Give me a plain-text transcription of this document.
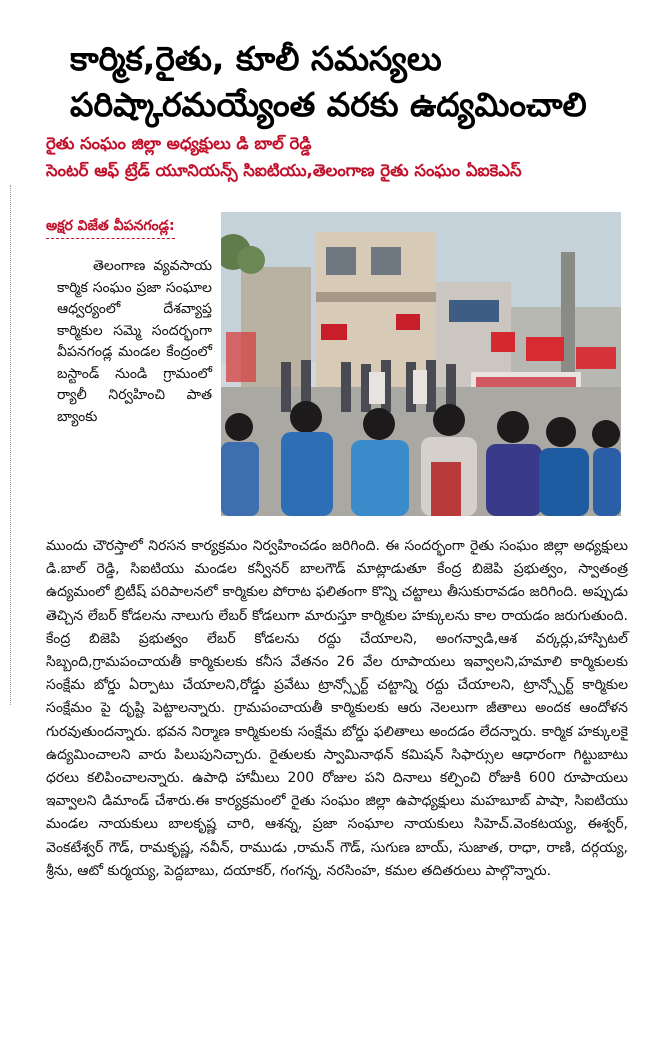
కార్మిక,రైతు, కూలీ సమస్యలు
పరిష్కారమయ్యేంత వరకు ఉద్యమించాలి
రైతు సంఘం జిల్లా అధ్యక్షులు డి బాల్ రెడ్డి
సెంటర్ ఆఫ్ ట్రేడ్ యూనియన్స్ సిఐటియు,తెలంగాణ రైతు సంఘం ఏఐకెఎస్
అక్షర విజేత వీపనగండ్ల:

తెలంగాణ వ్యవసాయ కార్మిక సంఘం ప్రజా సంఘాల ఆధ్వర్యంలో దేశవ్యాప్త కార్మికుల సమ్మె సందర్భంగా వీపనగండ్ల మండల కేంద్రంలో బస్టాండ్ నుండి గ్రామంలో ర్యాలీ నిర్వహించి పాత బ్యాంకు

ముందు చౌరస్తాలో నిరసన కార్యక్రమం నిర్వహించడం జరిగింది. ఈ సందర్భంగా రైతు సంఘం జిల్లా అధ్యక్షులు డి.బాల్ రెడ్డి, సిఐటియు మండల కన్వీనర్ బాలగౌడ్ మాట్లాడుతూ కేంద్ర బిజెపి ప్రభుత్వం, స్వాతంత్ర ఉద్యమంలో బ్రిటీష్ పరిపాలనలో కార్మికుల పోరాట ఫలితంగా కొన్ని చట్టాలు తీసుకురావడం జరిగింది. అప్పుడు తెచ్చిన లేబర్ కోడలను నాలుగు లేబర్ కోడలుగా మారుస్తూ కార్మికుల హక్కులను కాల రాయడం జరుగుతుంది. కేంద్ర బిజెపి ప్రభుత్వం లేబర్ కోడలను రద్దు చేయాలని, అంగన్వాడి,ఆశ వర్కర్లు,హాస్పిటల్ సిబ్బంది,గ్రామపంచాయతీ కార్మికులకు కనీస వేతనం 26 వేల రూపాయలు ఇవ్వాలని,హమాలి కార్మికులకు సంక్షేమ బోర్డు ఏర్పాటు చేయాలని,రోడ్డు ప్రవేటు ట్రాన్స్పోర్ట్ చట్టాన్ని రద్దు చేయాలని, ట్రాన్స్పోర్ట్ కార్మికుల సంక్షేమం పై దృష్టి పెట్టాలన్నారు. గ్రామపంచాయతీ కార్మికులకు ఆరు నెలలుగా జీతాలు అందక ఆందోళన గురవుతుందన్నారు. భవన నిర్మాణ కార్మికులకు సంక్షేమ బోర్డు ఫలితాలు అందడం లేదన్నారు. కార్మిక హక్కులకై ఉద్యమించాలని వారు పిలుపునిచ్చారు. రైతులకు స్వామినాథన్ కమిషన్ సిఫార్సుల ఆధారంగా గిట్టుబాటు ధరలు కలిపించాలన్నారు. ఉపాధి హామీలు 200 రోజుల పని దినాలు కల్పించి రోజుకి 600 రూపాయలు ఇవ్వాలని డిమాండ్ చేశారు.ఈ కార్యక్రమంలో రైతు సంఘం జిల్లా ఉపాధ్యక్షులు మహబూబ్ పాషా, సిఐటియు మండల నాయకులు బాలకృష్ణ చారి, ఆశన్న, ప్రజా సంఘాల నాయకులు సిహెచ్.వెంకటయ్య, ఈశ్వర్, వెంకటేశ్వర్ గౌడ్, రామకృష్ణ, నవీన్, రాముడు ,రామన్ గౌడ్, సుగుణ బాయ్, సుజాత, రాధా, రాణి, దర్గయ్య, శ్రీను, ఆటో కుర్మయ్య, పెద్దబాబు, దయాకర్, గంగన్న, నరసింహ, కమల తదితరులు పాల్గొన్నారు.
